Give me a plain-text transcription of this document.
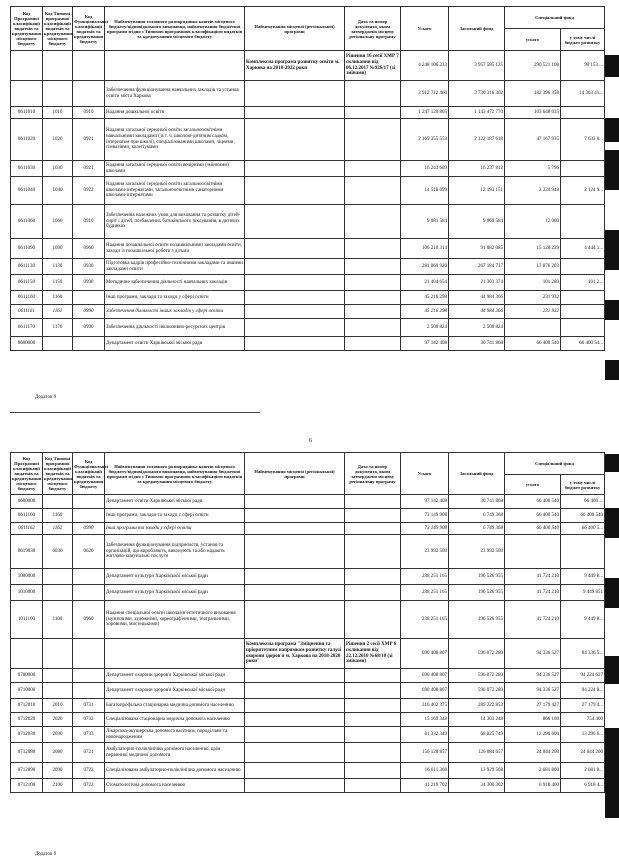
Код Програмної класифікації видатків та кредитування місцевого бюджету	Код Типової програмної класифікації видатків та кредитування місцевого бюджету	Код Функціональної класифікації видатків та кредитування бюджету	Найменування головного розпорядника коштів місцевого бюджету/відповідального виконавця, найменування бюджетної програми згідно з Типовою програмною класифікацією видатків та кредитування місцевого бюджету	Найменування місцевої (регіональної) програми	Дата та номер документа, яким затверджено місцеву регіональну програму	Усього	Загальний фонд	Спеціальний фонд	
								усього	у тому числі бюджет розвитку
				Комплексна програма розвитку освіти м. Харкова на 2018-2022 роки	Рішення 16 сесії ХМР 7 скликання від 06.12.2017 №926/17 (зі змінами)	4 248 106 233	3 957 585 125	290 521 108	90 153 ...
			Забезпечення функціонування навчальних закладів та установ освіти міста Харкова			3 912 712 460	3 730 316 302	182 396 358	14 363 41...
0611010	1010	0910	Надання дошкільної освіти			1 247 120 805	1 143 472 770	103 648 035	
0611020	1020	0921	Надання загальної середньої освіти загальноосвітніми навчальними закладами ( в т. ч. школою-дитячим садком, інтернатом при школі), спеціалізованими школами, ліцеями, гімназіями, колегіумами			2 169 355 553	2 122 187 618	47 167 935	7 633 0...
0611030	1030	0921	Надання загальної середньої освіти вечірніми (змінними) школами			16 243 609	16 237 812	5 796	
0611040	1040	0922	Надання загальної середньої освіти загальноосвітніми школами-інтернатами, загальноосвітніми санаторними школами-інтернатами			14 518 099	12 193 151	2 324 948	2 124 9...
0611060	1060	0910	Забезпечення належних умов для виховання та розвитку дітей-сиріт і дітей, позбавлених батьківського піклування, в дитячих будинках			9 081 584	9 069 584	12 000	
0611090	1090	0960	Надання позашкільної освіти позашкільними закладами освіти, заходи із позашкільної роботи з дітьми			106 210 314	91 082 085	15 128 229	4 444 1...
0611130	1130	0930	Підготовка кадрів професійно-технічними закладами та іншими закладами освіти			281 060 920	267 184 717	13 876 203	
0611150	1150	0990	Методичне забезпечення діяльності навчальних закладів			21 404 654	21 303 374	101 280	101 2...
0611160	1160		Інші програми, заклади та заходи у сфері освіти			45 216 298	44 984 366	231 932	
0611161	1161	0990	Забезпечення діяльності інших закладів у сфері освіти			45 216 298	44 984 366	231 932	
0611170	1170	0990	Забезпечення діяльності інклюзивно-ресурсних центрів			2 500 824	2 500 824		
0600000			Департамент освіти Харківської міської ради			97 142 408	30 741 868	66 400 540	66 400 54...
Додаток 9
6
Код Програмної класифікації видатків та кредитування місцевого бюджету	Код Типової програмної класифікації видатків та кредитування місцевого бюджету	Код Функціональної класифікації видатків та кредитування бюджету	Найменування головного розпорядника коштів місцевого бюджету/відповідального виконавця, найменування бюджетної програми згідно з Типовою програмною класифікацією видатків та кредитування місцевого бюджету	Найменування місцевої (регіональної) програми	Дата та номер документа, яким затверджено місцеву регіональну програму	Усього	Загальний фонд	Спеціальний фонд	
								усього	у тому числі бюджет розвитку
0600000			Департамент освіти Харківської міської ради			97 142 408	30 741 868	66 400 540	66 400 ...
0611160	1160		Інші програми, заклади та заходи у сфері освіти			73 149 908	6 749 368	66 400 540	66 400 540
0611162	1162	0990	Інші програми та заходи у сфері освіти			73 149 908	6 749 368	66 400 540	66 400 5...
0619030	6030	0620	Забезпечення функціонування підприємств, установ та організацій, що виробляють, виконують та/або надають житлово-комунальні послуги			23 992 500	23 992 500		
1000000			Департамент культури Харківської міської ради			238 251 165	196 526 955	41 724 210	9 449 8...
1010000			Департамент культури Харківської міської ради			238 251 165	196 526 955	41 724 210	9 449 851
1011100	1100	0960	Надання спеціальної освіти школами естетичного виховання (музичними, художніми, хореографічними, театральними, хоровими, мистецькими)			238 251 165	196 526 955	41 724 210	9 449 8...
				Комплексна програма "Зміцнення та пріоритетним напрямком розвитку галузі охорони здоров'я м. Харкова на 2018-2020 роки"	Рішення 2 сесії ХМР 6 скликання від 22.12.2010 №68/10 (зі змінами)	690 408 807	596 072 280	94 336 527	94 336 5...
0700000			Департамент охорони здоров'я Харківської міської ради			690 408 807	596 072 280	94 336 527	94 224 627
0710000			Департамент охорони здоров'я Харківської міської ради			690 408 807	596 072 280	94 336 527	94 224 8...
0712010	2010	0731	Багатопрофільна стаціонарна медична допомога населенню			316 402 375	289 222 852	27 179 427	27 179 4...
0712020	2020	0732	Спеціалізована стаціонарна медична допомога населенню			15 169 348	14 303 248	866 100	754 400
0712030	2030	0733	Лікарсько-акушерська допомога вагітним, породіллям та новонародженим			81 332 349	68 025 749	12 296 600	13 296 6...
0712080	2080	0721	Амбулаторно-поліклінічна допомога населенню, крім первинної медичної допомоги			150 128 857	126 084 657	24 044 200	24 044 200
0712090	2090	0722	Спеціалізована амбулаторно-поліклінічна допомога населенню			16 611 368	13 929 568	2 681 800	2 681 8...
0712100	2100	0722	Стоматологічна допомога населенню			41 219 702	34 300 302	6 918 400	6 918 4...
Додаток 9
